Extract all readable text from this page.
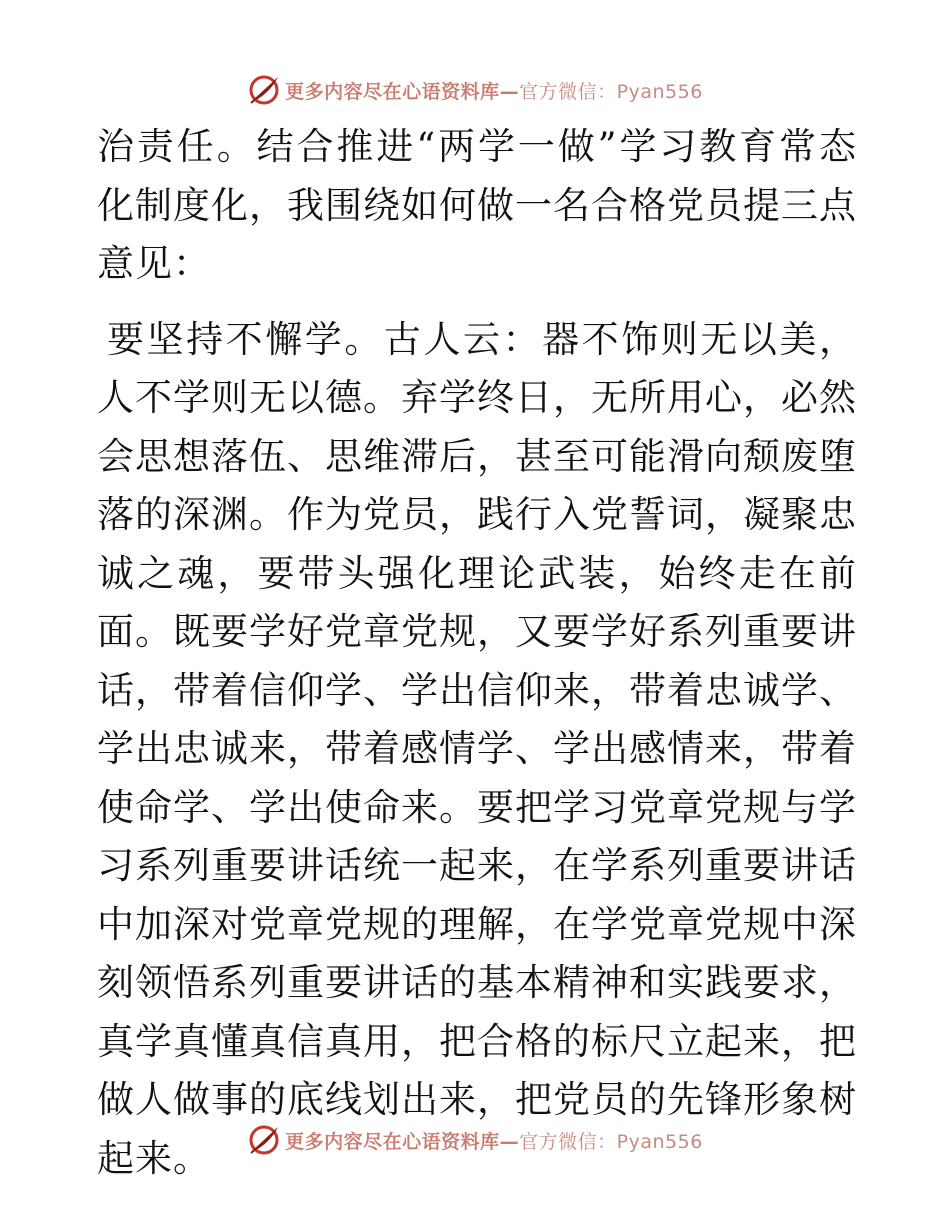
更多内容尽在心语资料库—官方微信：Pyan556

治责任。结合推进“两学一做”学习教育常态化制度化，我围绕如何做一名合格党员提三点意见：

要坚持不懈学。古人云：器不饰则无以美，人不学则无以德。弃学终日，无所用心，必然会思想落伍、思维滞后，甚至可能滑向颓废堕落的深渊。作为党员，践行入党誓词，凝聚忠诚之魂，要带头强化理论武装，始终走在前面。既要学好党章党规，又要学好系列重要讲话，带着信仰学、学出信仰来，带着忠诚学、学出忠诚来，带着感情学、学出感情来，带着使命学、学出使命来。要把学习党章党规与学习系列重要讲话统一起来，在学系列重要讲话中加深对党章党规的理解，在学党章党规中深刻领悟系列重要讲话的基本精神和实践要求，真学真懂真信真用，把合格的标尺立起来，把做人做事的底线划出来，把党员的先锋形象树起来。	更多内容尽在心语资料库—官方微信：Pyan556
